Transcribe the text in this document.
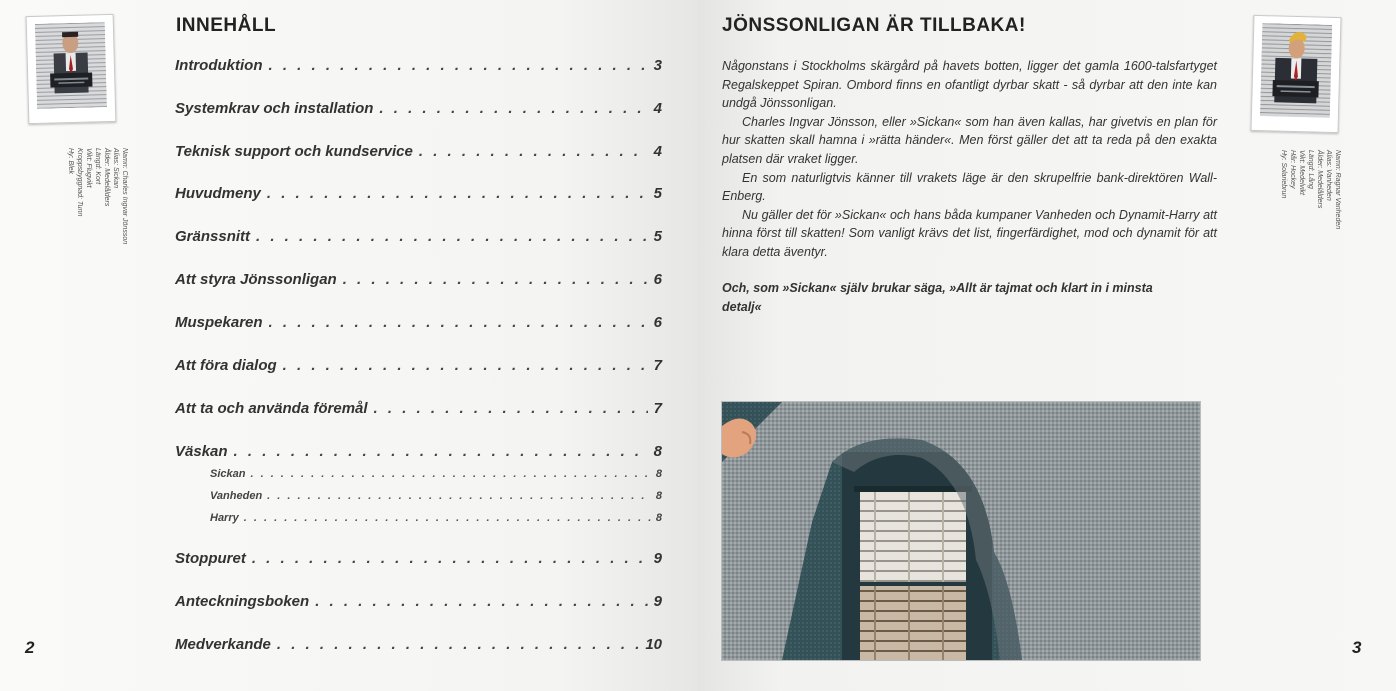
Namn: Charles Ingvar Jönsson
Alias: Sickan
Ålder: Medelålders
Längd: Kort
Vikt: Flugvikt
Kroppsbyggnad: Tunn
Hy: Blek
INNEHÅLL
Introduktion . . .	3
Systemkrav och installation . . .	4
Teknisk support och kundservice . . .	4
Huvudmeny . . .	5
Gränssnitt . . .	5
Att styra Jönssonligan . . .	6
Muspekaren . . .	6
Att föra dialog . . .	7
Att ta och använda föremål . . .	7
Väskan . . .	8
Sickan . . .	8
Vanheden . . .	8
Harry . . .	8
Stoppuret . . .	9
Anteckningsboken . . .	9
Medverkande . . .	10
2
JÖNSSONLIGAN ÄR TILLBAKA!

Någonstans i Stockholms skärgård på havets botten, ligger det gamla 1600-talsfartyget Regalskeppet Spiran. Ombord finns en ofantligt dyrbar skatt - så dyrbar att den inte kan undgå Jönssonligan.

Charles Ingvar Jönsson, eller »Sickan« som han även kallas, har givetvis en plan för hur skatten skall hamna i »rätta händer«. Men först gäller det att ta reda på den exakta platsen där vraket ligger.

En som naturligtvis känner till vrakets läge är den skrupelfrie bank-direktören Wall-Enberg.

Nu gäller det för »Sickan« och hans båda kumpaner Vanheden och Dynamit-Harry att hinna först till skatten! Som vanligt krävs det list, fingerfärdighet, mod och dynamit för att klara detta äventyr.

Och, som »Sickan« själv brukar säga, »Allt är tajmat och klart in i minsta detalj«
Namn: Ragnar Vanheden
Alias: Vanheden
Ålder: Medelålders
Längd: Lång
Vikt: Medelvikt
Hår: Hockey
Hy: Solariebrun
3
